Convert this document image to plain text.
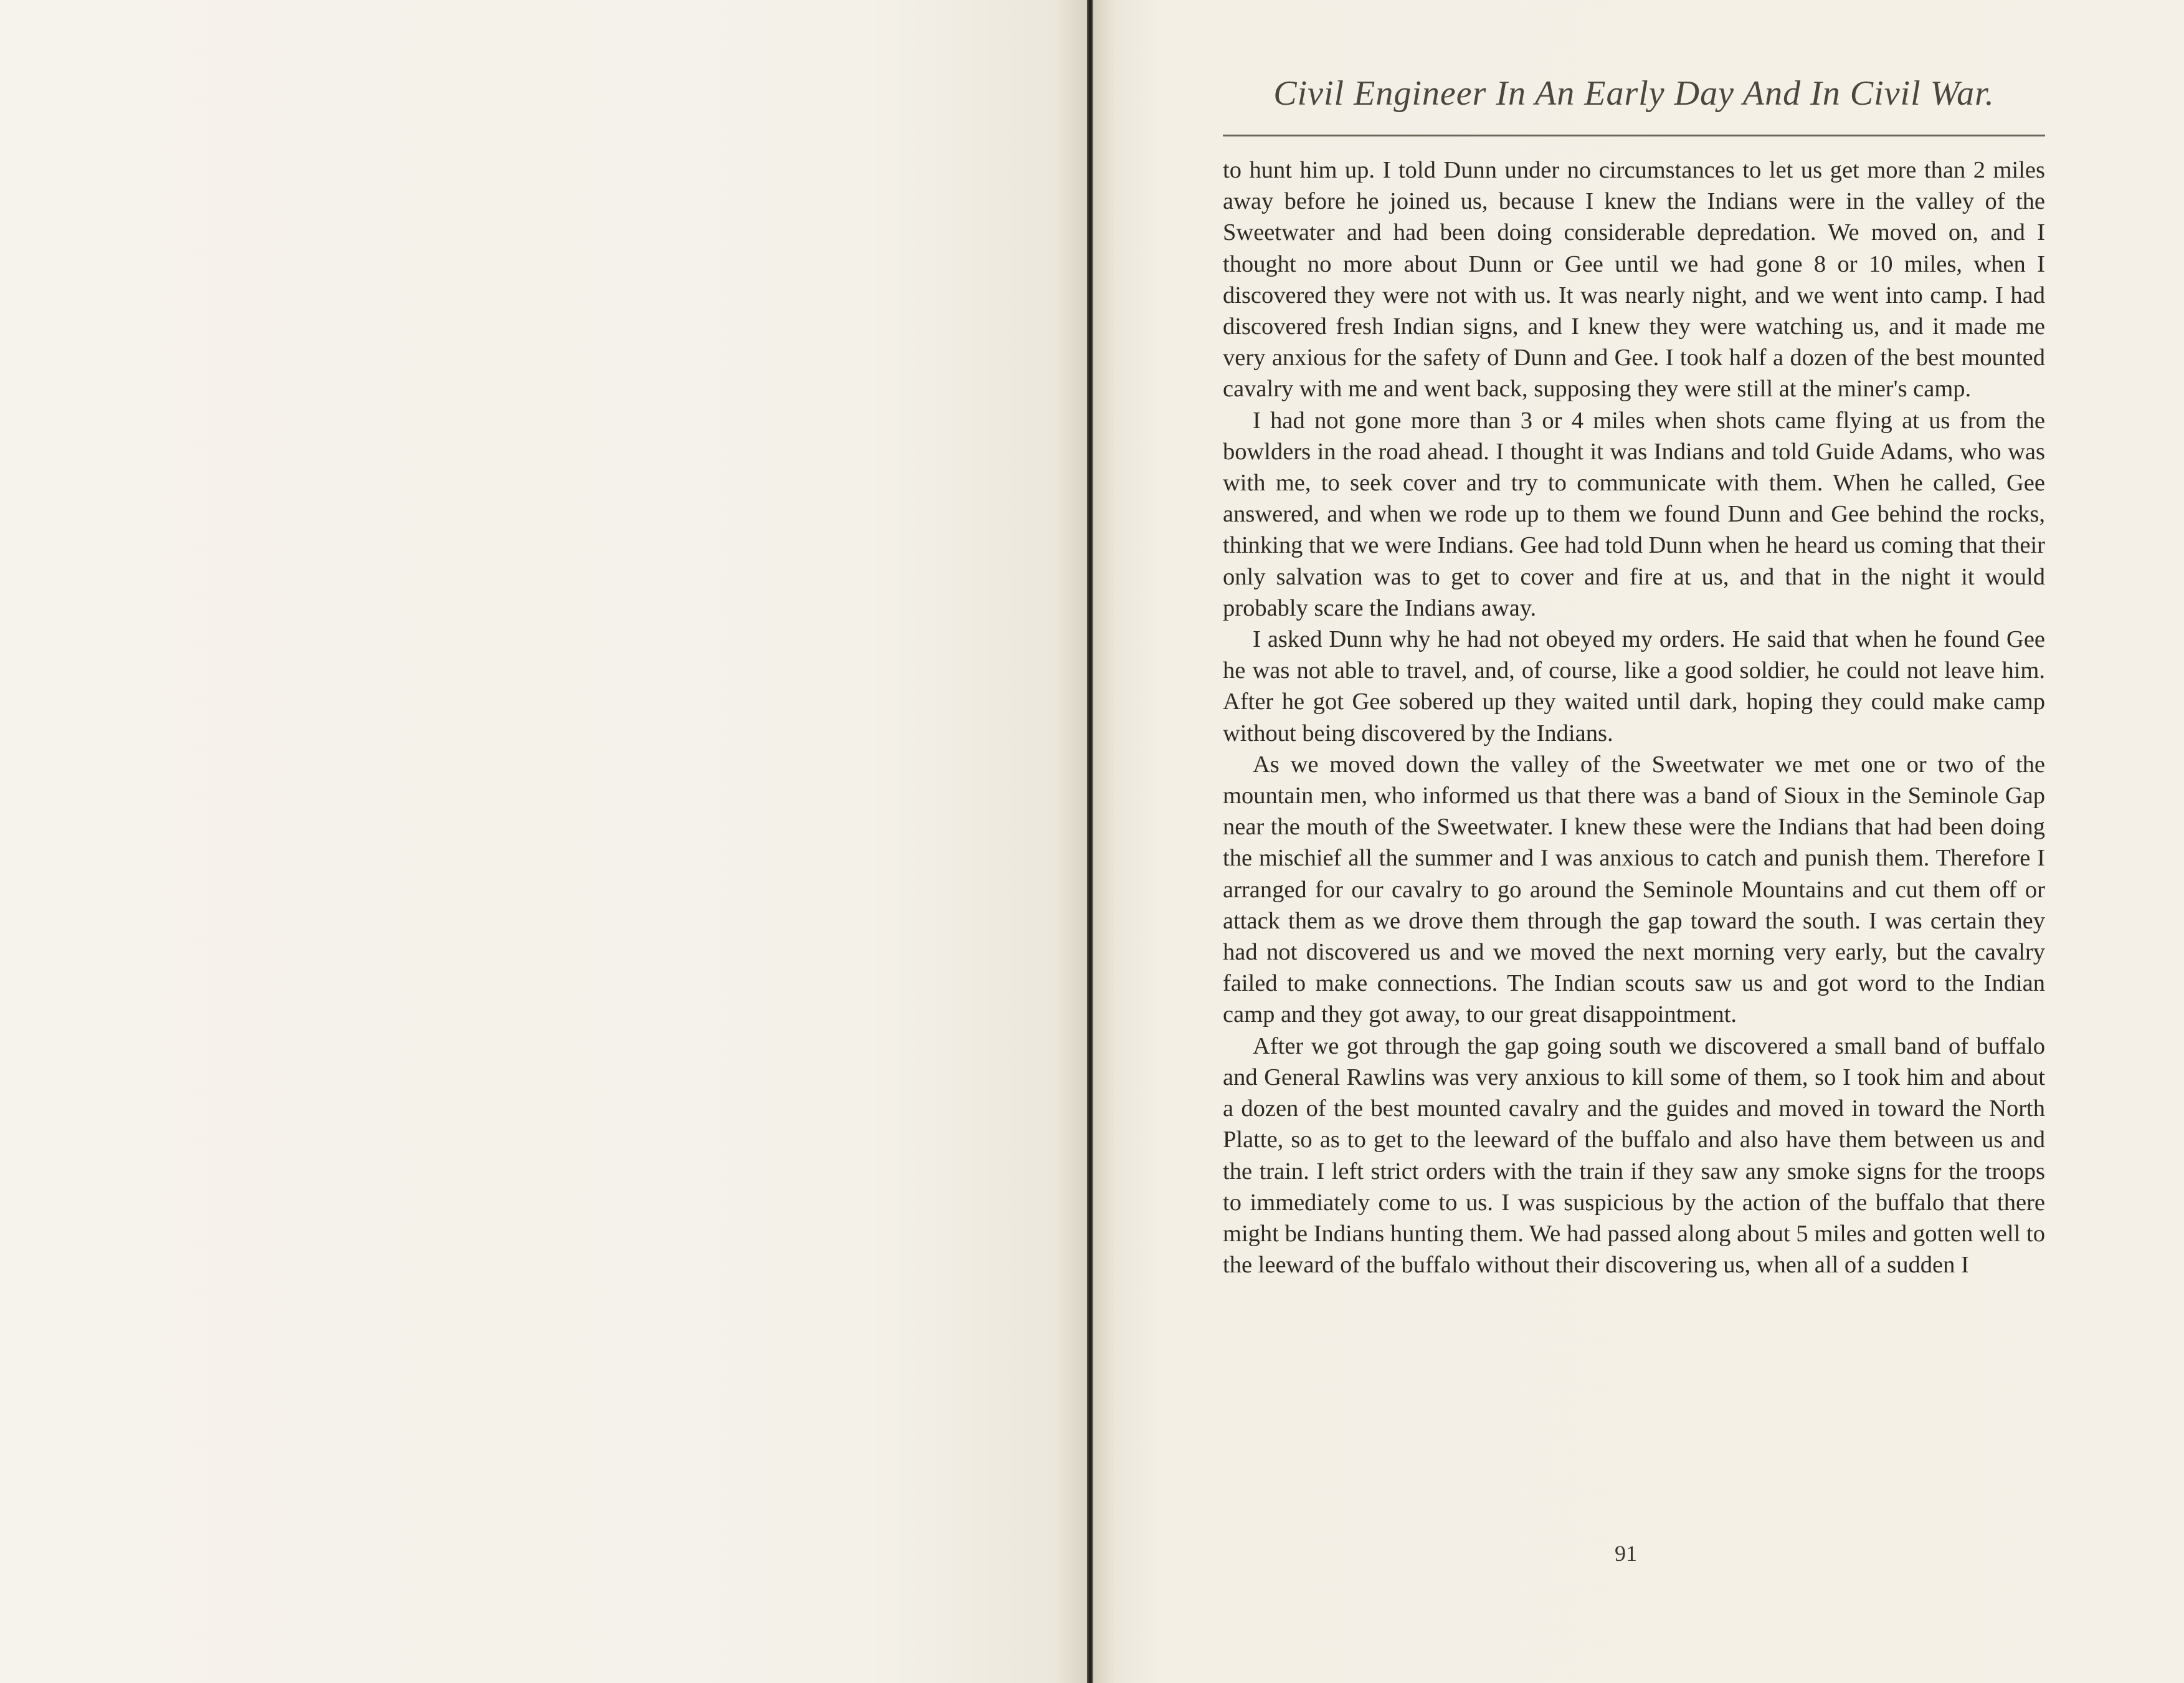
Civil Engineer In An Early Day And In Civil War.

to hunt him up. I told Dunn under no circumstances to let us get more than 2 miles away before he joined us, because I knew the Indians were in the valley of the Sweetwater and had been doing considerable depredation. We moved on, and I thought no more about Dunn or Gee until we had gone 8 or 10 miles, when I discovered they were not with us. It was nearly night, and we went into camp. I had discovered fresh Indian signs, and I knew they were watching us, and it made me very anxious for the safety of Dunn and Gee. I took half a dozen of the best mounted cavalry with me and went back, supposing they were still at the miner's camp.

I had not gone more than 3 or 4 miles when shots came flying at us from the bowlders in the road ahead. I thought it was Indians and told Guide Adams, who was with me, to seek cover and try to communicate with them. When he called, Gee answered, and when we rode up to them we found Dunn and Gee behind the rocks, thinking that we were Indians. Gee had told Dunn when he heard us coming that their only salvation was to get to cover and fire at us, and that in the night it would probably scare the Indians away.

I asked Dunn why he had not obeyed my orders. He said that when he found Gee he was not able to travel, and, of course, like a good soldier, he could not leave him. After he got Gee sobered up they waited until dark, hoping they could make camp without being discovered by the Indians.

As we moved down the valley of the Sweetwater we met one or two of the mountain men, who informed us that there was a band of Sioux in the Seminole Gap near the mouth of the Sweetwater. I knew these were the Indians that had been doing the mischief all the summer and I was anxious to catch and punish them. Therefore I arranged for our cavalry to go around the Seminole Mountains and cut them off or attack them as we drove them through the gap toward the south. I was certain they had not discovered us and we moved the next morning very early, but the cavalry failed to make connections. The Indian scouts saw us and got word to the Indian camp and they got away, to our great disappointment.

After we got through the gap going south we discovered a small band of buffalo and General Rawlins was very anxious to kill some of them, so I took him and about a dozen of the best mounted cavalry and the guides and moved in toward the North Platte, so as to get to the leeward of the buffalo and also have them between us and the train. I left strict orders with the train if they saw any smoke signs for the troops to immediately come to us. I was suspicious by the action of the buffalo that there might be Indians hunting them. We had passed along about 5 miles and gotten well to the leeward of the buffalo without their discovering us, when all of a sudden I

91
